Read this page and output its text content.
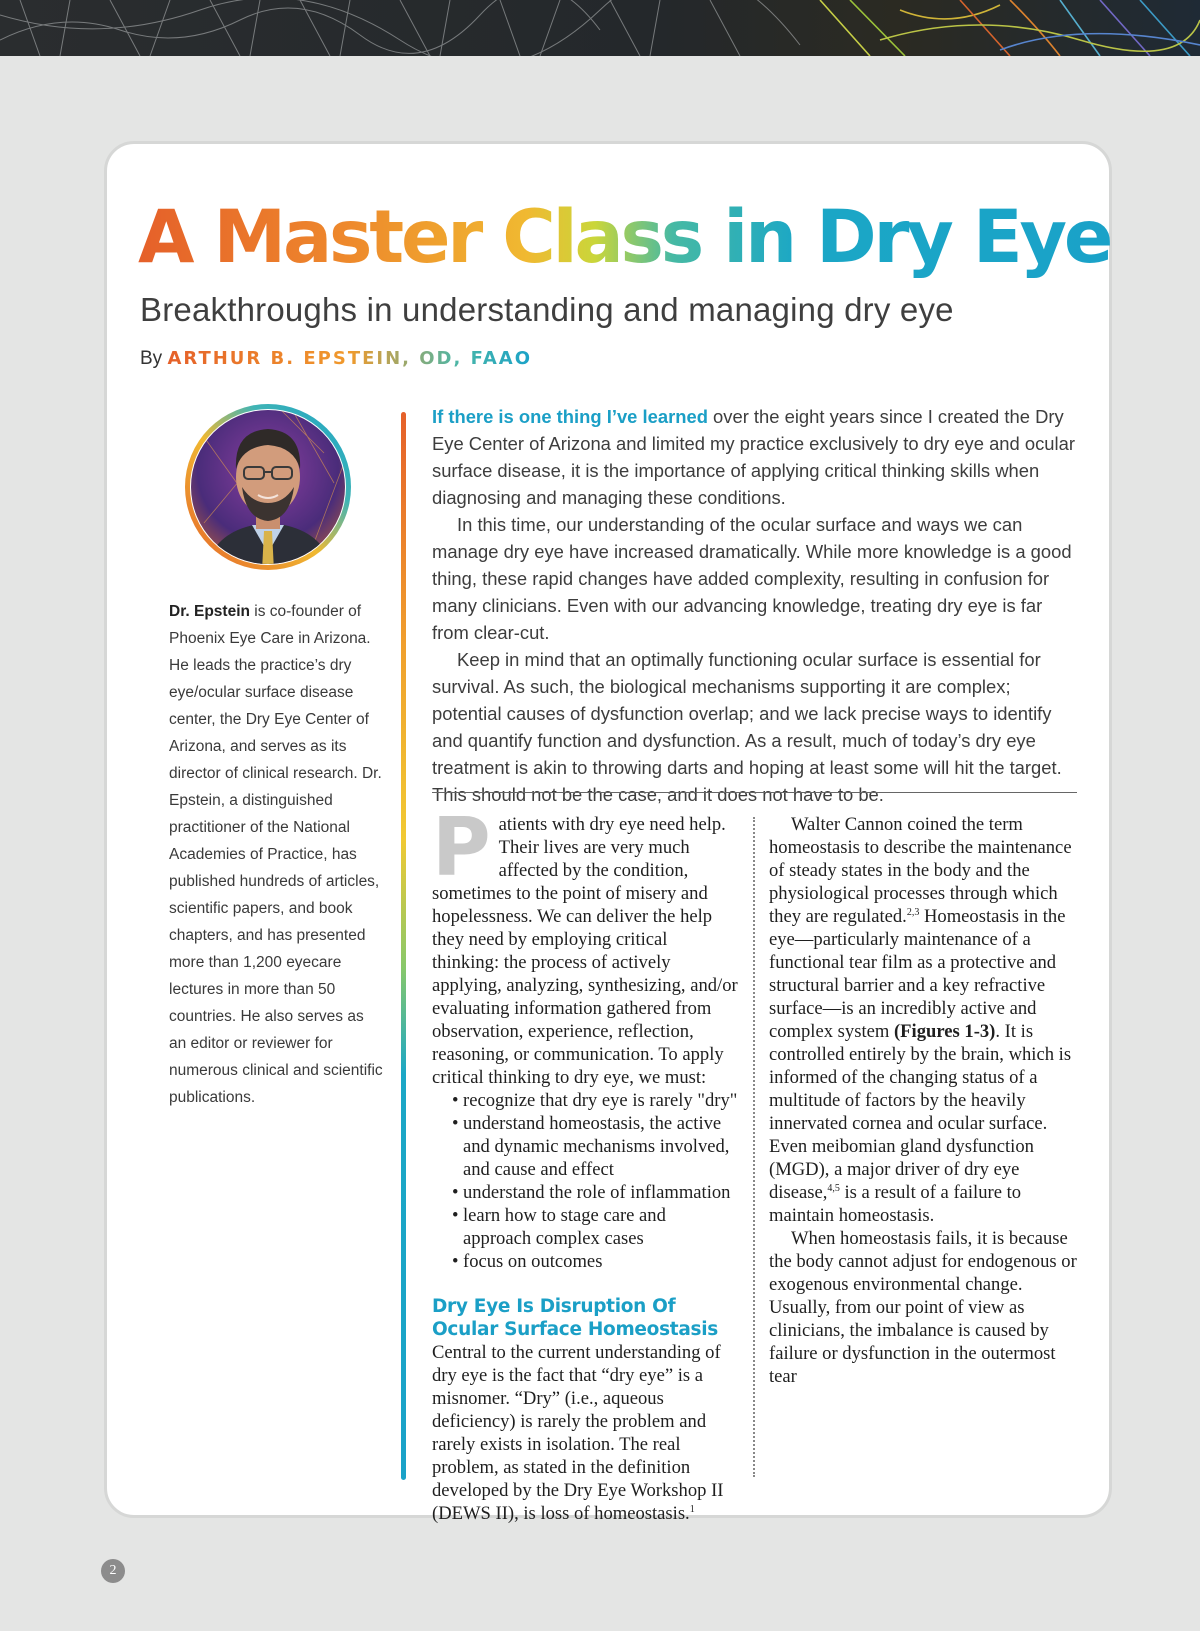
A Master Class in Dry Eye
Breakthroughs in understanding and managing dry eye
By ARTHUR B. EPSTEIN, OD, FAAO
Dr. Epstein is co-founder of Phoenix Eye Care in Arizona. He leads the practice’s dry eye/ocular surface disease center, the Dry Eye Center of Arizona, and serves as its director of clinical research. Dr. Epstein, a distinguished practitioner of the National Academies of Practice, has published hundreds of articles, scientific papers, and book chapters, and has presented more than 1,200 eyecare lectures in more than 50 countries. He also serves as an editor or reviewer for numerous clinical and scientific publications.

If there is one thing I’ve learned over the eight years since I created the Dry Eye Center of Arizona and limited my practice exclusively to dry eye and ocular surface disease, it is the importance of applying critical thinking skills when diagnosing and managing these conditions.

In this time, our understanding of the ocular surface and ways we can manage dry eye have increased dramatically. While more knowledge is a good thing, these rapid changes have added complexity, resulting in confusion for many clinicians. Even with our advancing knowledge, treating dry eye is far from clear-cut.

Keep in mind that an optimally functioning ocular surface is essential for survival. As such, the biological mechanisms supporting it are complex; potential causes of dysfunction overlap; and we lack precise ways to identify and quantify function and dysfunction. As a result, much of today’s dry eye treatment is akin to throwing darts and hoping at least some will hit the target. This should not be the case, and it does not have to be.

Patients with dry eye need help. Their lives are very much affected by the condition, sometimes to the point of misery and hopelessness. We can deliver the help they need by employing critical thinking: the process of actively applying, analyzing, synthesizing, and/or evaluating information gathered from observation, experience, reflection, reasoning, or communication. To apply critical thinking to dry eye, we must:

• recognize that dry eye is rarely "dry"
• understand homeostasis, the active and dynamic mechanisms involved, and cause and effect
• understand the role of inflammation
• learn how to stage care and approach complex cases
• focus on outcomes
Dry Eye Is Disruption Of Ocular Surface Homeostasis

Central to the current understanding of dry eye is the fact that “dry eye” is a misnomer. “Dry” (i.e., aqueous deficiency) is rarely the problem and rarely exists in isolation. The real problem, as stated in the definition developed by the Dry Eye Workshop II (DEWS II), is loss of homeostasis.$^1$

Walter Cannon coined the term homeostasis to describe the maintenance of steady states in the body and the physiological processes through which they are regulated.$^{2,3}$ Homeostasis in the eye—particularly maintenance of a functional tear film as a protective and structural barrier and a key refractive surface—is an incredibly active and complex system (Figures 1-3). It is controlled entirely by the brain, which is informed of the changing status of a multitude of factors by the heavily innervated cornea and ocular surface. Even meibomian gland dysfunction (MGD), a major driver of dry eye disease,$^{4,5}$ is a result of a failure to maintain homeostasis.

When homeostasis fails, it is because the body cannot adjust for endogenous or exogenous environmental change. Usually, from our point of view as clinicians, the imbalance is caused by failure or dysfunction in the outermost tear

2
